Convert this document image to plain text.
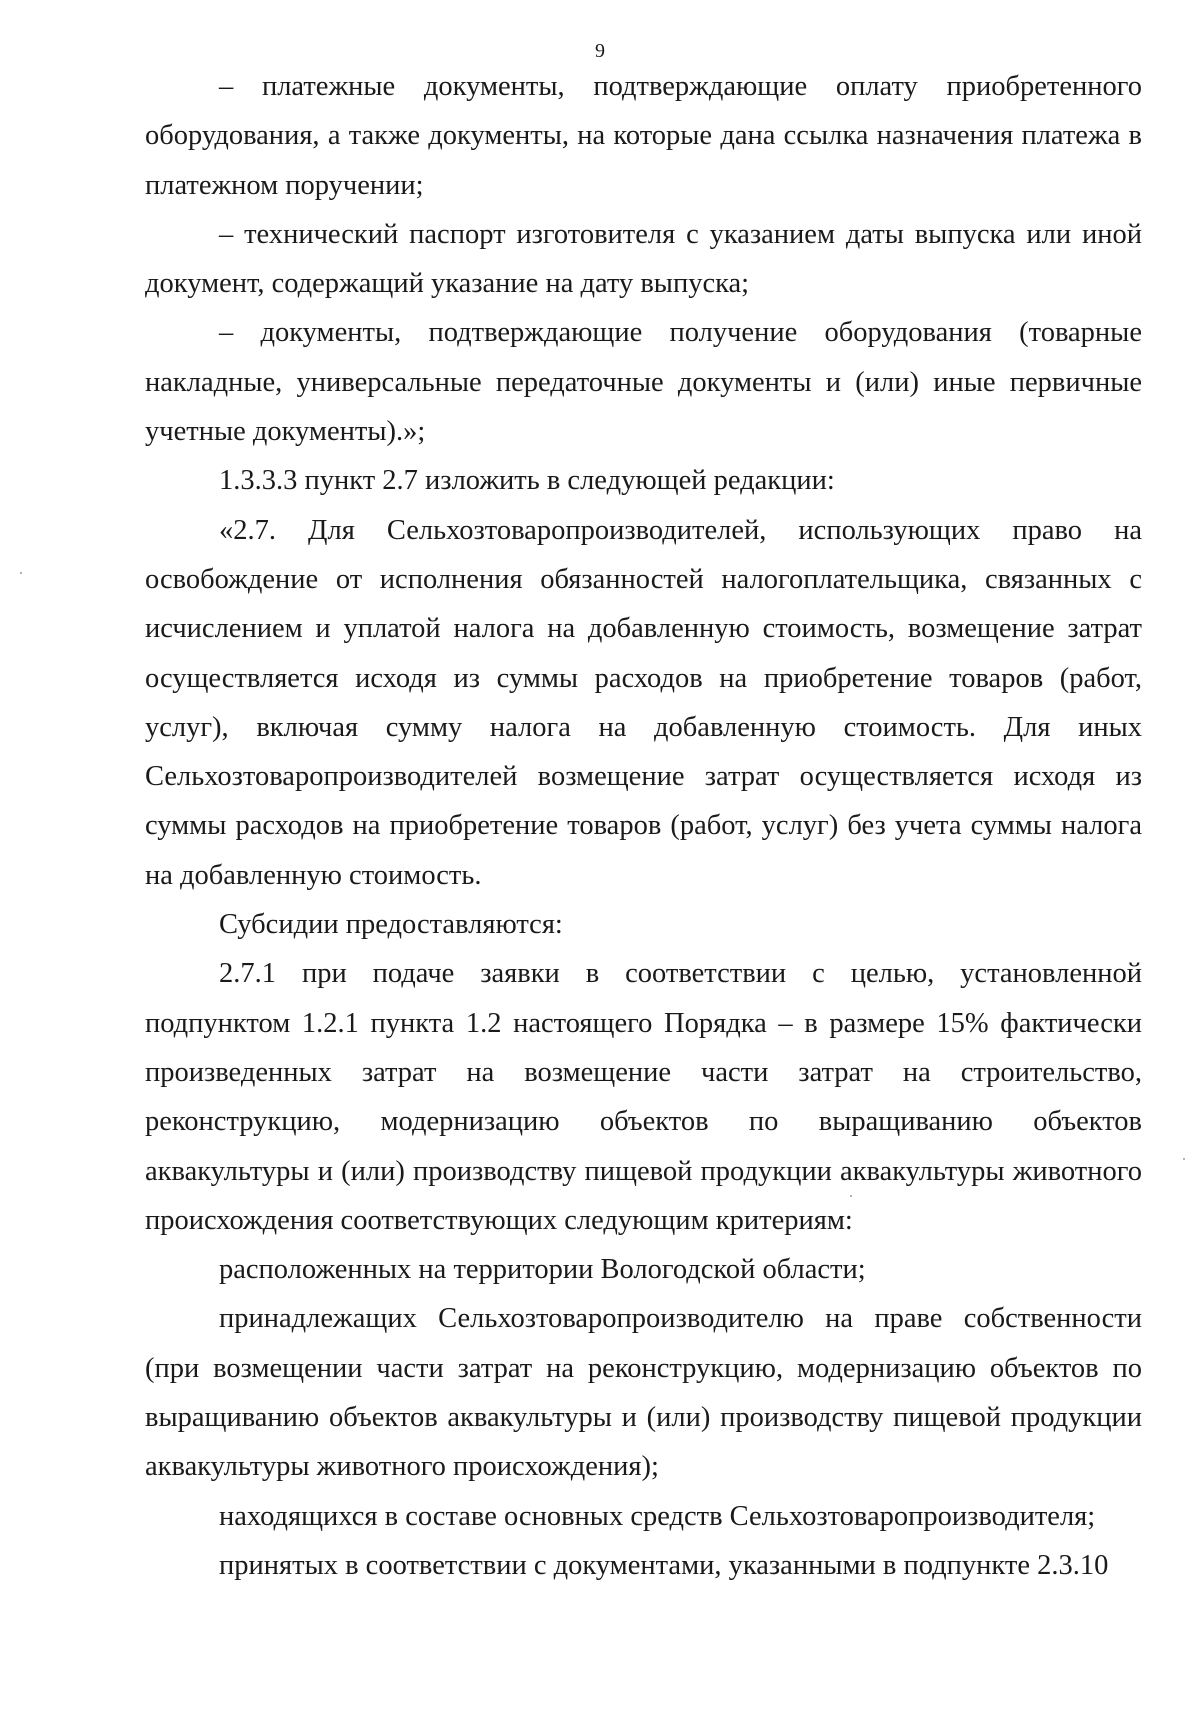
9

– платежные документы, подтверждающие оплату приобретенного оборудования, а также документы, на которые дана ссылка назначения платежа в платежном поручении;

– технический паспорт изготовителя с указанием даты выпуска или иной документ, содержащий указание на дату выпуска;

– документы, подтверждающие получение оборудования (товарные накладные, универсальные передаточные документы и (или) иные первичные учетные документы).»;

1.3.3.3 пункт 2.7 изложить в следующей редакции:

«2.7. Для Сельхозтоваропроизводителей, использующих право на освобождение от исполнения обязанностей налогоплательщика, связанных с исчислением и уплатой налога на добавленную стоимость, возмещение затрат осуществляется исходя из суммы расходов на приобретение товаров (работ, услуг), включая сумму налога на добавленную стоимость. Для иных Сельхозтоваропроизводителей возмещение затрат осуществляется исходя из суммы расходов на приобретение товаров (работ, услуг) без учета суммы налога на добавленную стоимость.

Субсидии предоставляются:

2.7.1 при подаче заявки в соответствии с целью, установленной подпунктом 1.2.1 пункта 1.2 настоящего Порядка – в размере 15% фактически произведенных затрат на возмещение части затрат на строительство, реконструкцию, модернизацию объектов по выращиванию объектов аквакультуры и (или) производству пищевой продукции аквакультуры животного происхождения соответствующих следующим критериям:

расположенных на территории Вологодской области;

принадлежащих Сельхозтоваропроизводителю на праве собственности (при возмещении части затрат на реконструкцию, модернизацию объектов по выращиванию объектов аквакультуры и (или) производству пищевой продукции аквакультуры животного происхождения);

находящихся в составе основных средств Сельхозтоваропроизводителя;

принятых в соответствии с документами, указанными в подпункте 2.3.10
